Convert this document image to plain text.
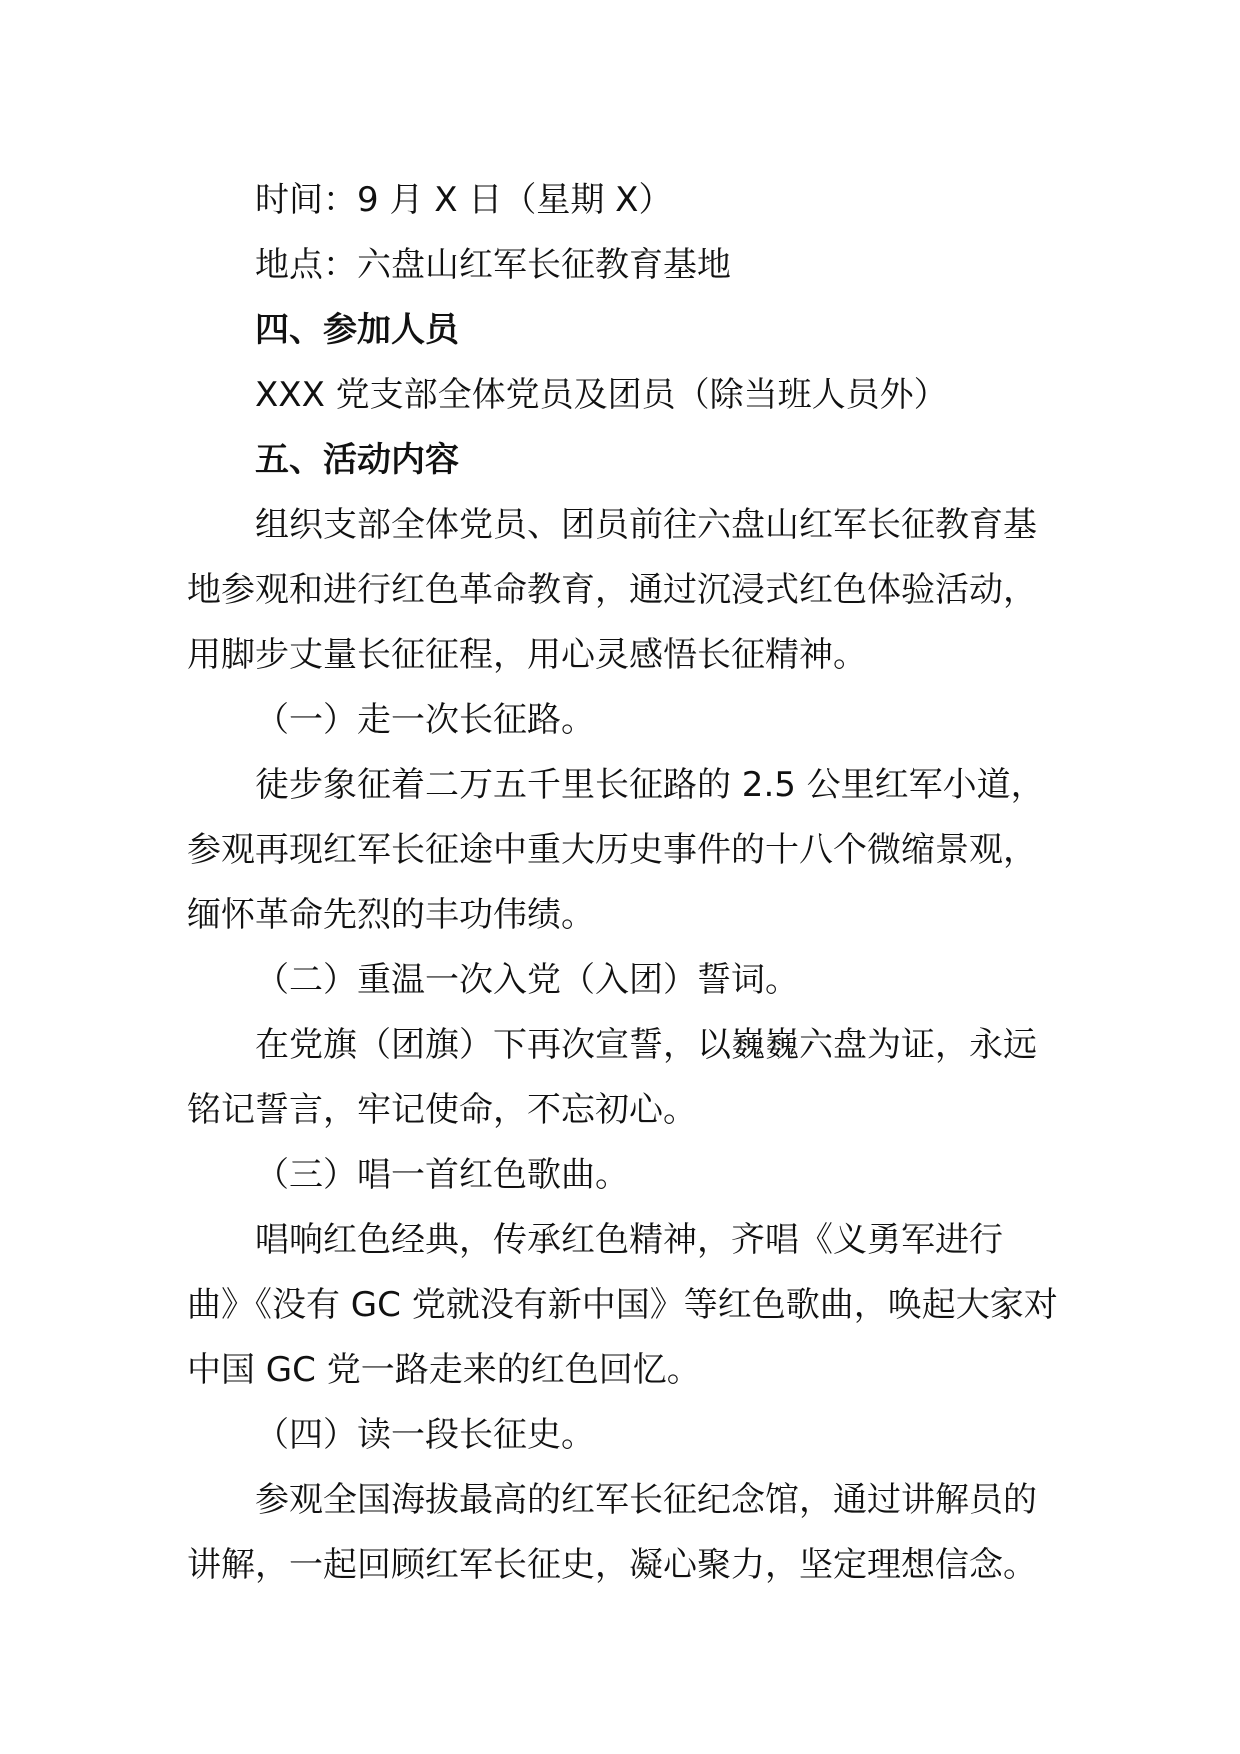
时间：9 月 X 日（星期 X）
地点：六盘山红军长征教育基地
四、参加人员
XXX 党支部全体党员及团员（除当班人员外）
五、活动内容
组织支部全体党员、团员前往六盘山红军长征教育基
地参观和进行红色革命教育，通过沉浸式红色体验活动，
用脚步丈量长征征程，用心灵感悟长征精神。
（一）走一次长征路。
徒步象征着二万五千里长征路的 2.5 公里红军小道，
参观再现红军长征途中重大历史事件的十八个微缩景观，
缅怀革命先烈的丰功伟绩。
（二）重温一次入党（入团）誓词。
在党旗（团旗）下再次宣誓，以巍巍六盘为证，永远
铭记誓言，牢记使命，不忘初心。
（三）唱一首红色歌曲。
唱响红色经典，传承红色精神，齐唱《义勇军进行
曲》《没有 GC 党就没有新中国》等红色歌曲，唤起大家对
中国 GC 党一路走来的红色回忆。
（四）读一段长征史。
参观全国海拔最高的红军长征纪念馆，通过讲解员的
讲解，一起回顾红军长征史，凝心聚力，坚定理想信念。
